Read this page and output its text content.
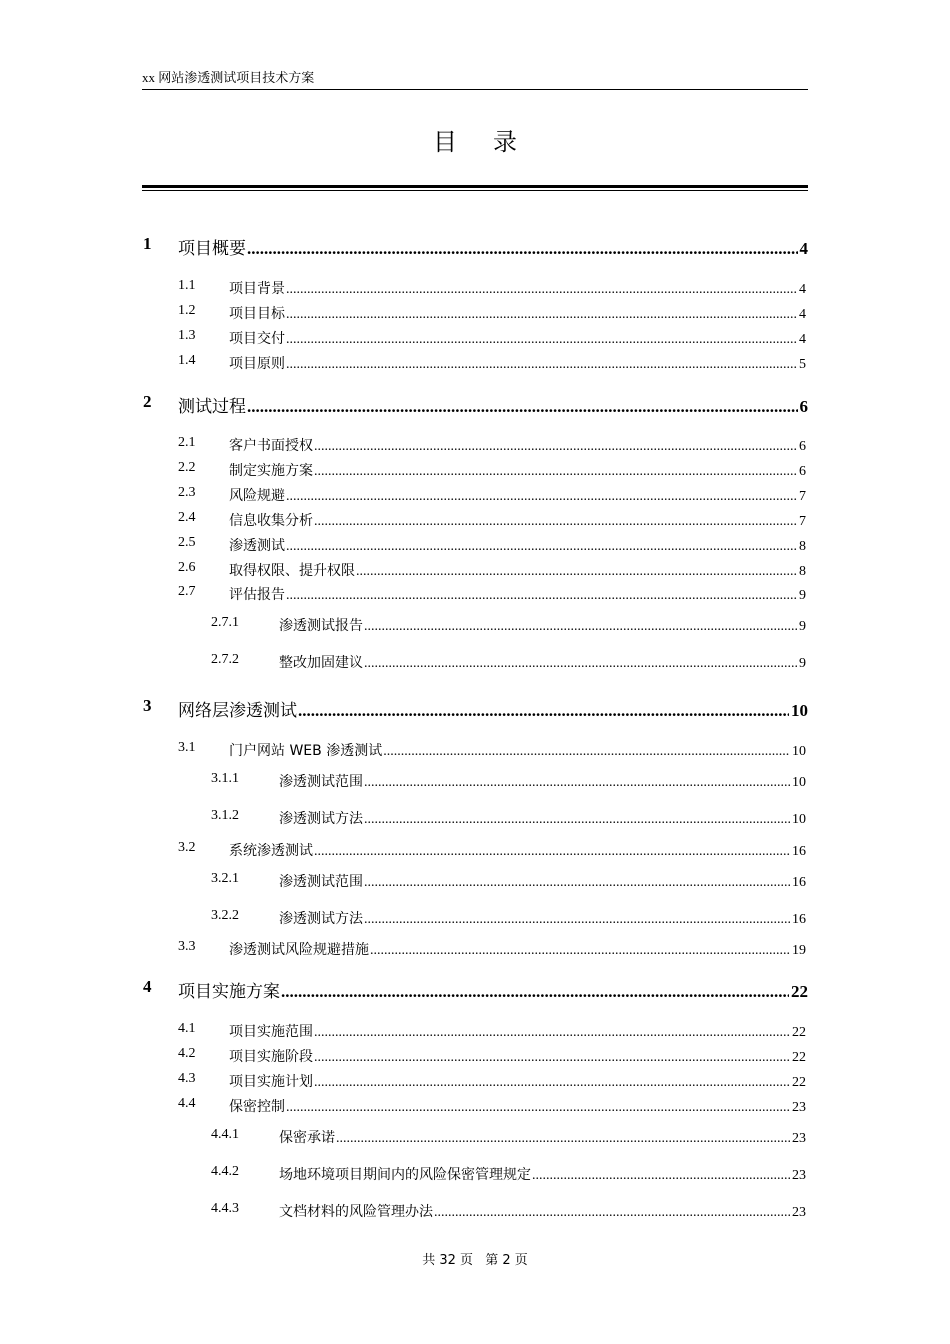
xx 网站渗透测试项目技术方案
目录
1 项目概要 .....	4
1.1 项目背景 .....	4
1.2 项目目标 .....	4
1.3 项目交付 .....	4
1.4 项目原则 .....	5
2 测试过程 .....	6
2.1 客户书面授权 .....	6
2.2 制定实施方案 .....	6
2.3 风险规避 .....	7
2.4 信息收集分析 .....	7
2.5 渗透测试 .....	8
2.6 取得权限、提升权限 .....	8
2.7 评估报告 .....	9
2.7.1	渗透测试报告 .....	9
2.7.2	整改加固建议 .....	9
3 网络层渗透测试 .....	10
3.1 门户网站 WEB 渗透测试 .....	10
3.1.1	渗透测试范围 .....	10
3.1.2	渗透测试方法 .....	10
3.2 系统渗透测试 .....	16
3.2.1	渗透测试范围 .....	16
3.2.2	渗透测试方法 .....	16
3.3 渗透测试风险规避措施 .....	19
4 项目实施方案 .....	22
4.1 项目实施范围 .....	22
4.2 项目实施阶段 .....	22
4.3 项目实施计划 .....	22
4.4 保密控制 .....	23
4.4.1	保密承诺 .....	23
4.4.2	场地环境项目期间内的风险保密管理规定 .....	23
4.4.3	文档材料的风险管理办法 .....	23
共 32 页 第 2 页
